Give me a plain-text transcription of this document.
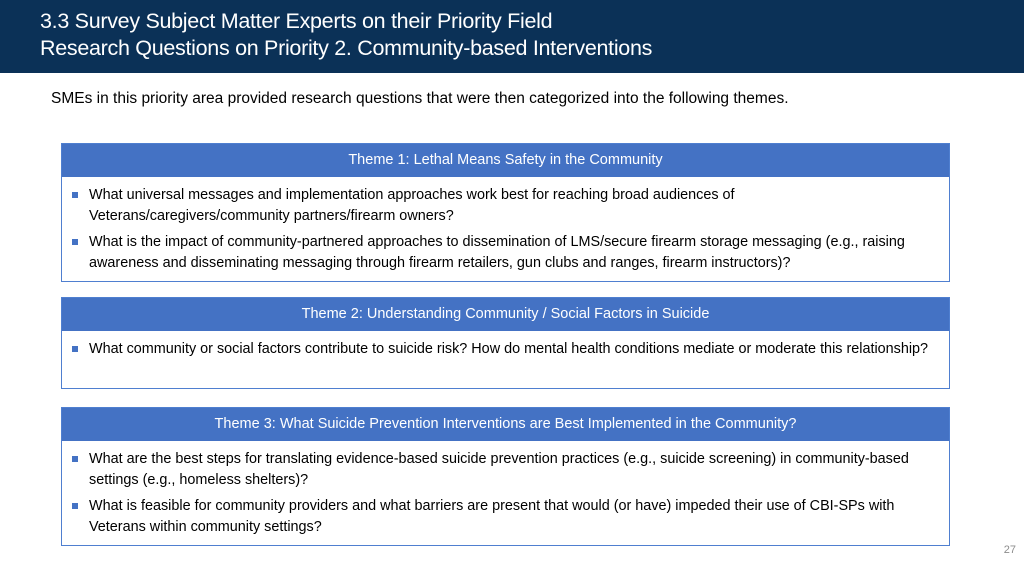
3.3 Survey Subject Matter Experts on their Priority Field
Research Questions on Priority 2. Community-based Interventions
SMEs in this priority area provided research questions that were then categorized into the following themes.
Theme 1: Lethal Means Safety in the Community
What universal messages and implementation approaches work best for reaching broad audiences of Veterans/caregivers/community partners/firearm owners?
What is the impact of community-partnered approaches to dissemination of LMS/secure firearm storage messaging (e.g., raising awareness and disseminating messaging through firearm retailers, gun clubs and ranges, firearm instructors)?
Theme 2: Understanding Community / Social Factors in Suicide
What community or social factors contribute to suicide risk? How do mental health conditions mediate or moderate this relationship?
Theme 3: What Suicide Prevention Interventions are Best Implemented in the Community?
What are the best steps for translating evidence-based suicide prevention practices (e.g., suicide screening) in community-based settings (e.g., homeless shelters)?
What is feasible for community providers and what barriers are present that would (or have) impeded their use of CBI-SPs with Veterans within community settings?
27
